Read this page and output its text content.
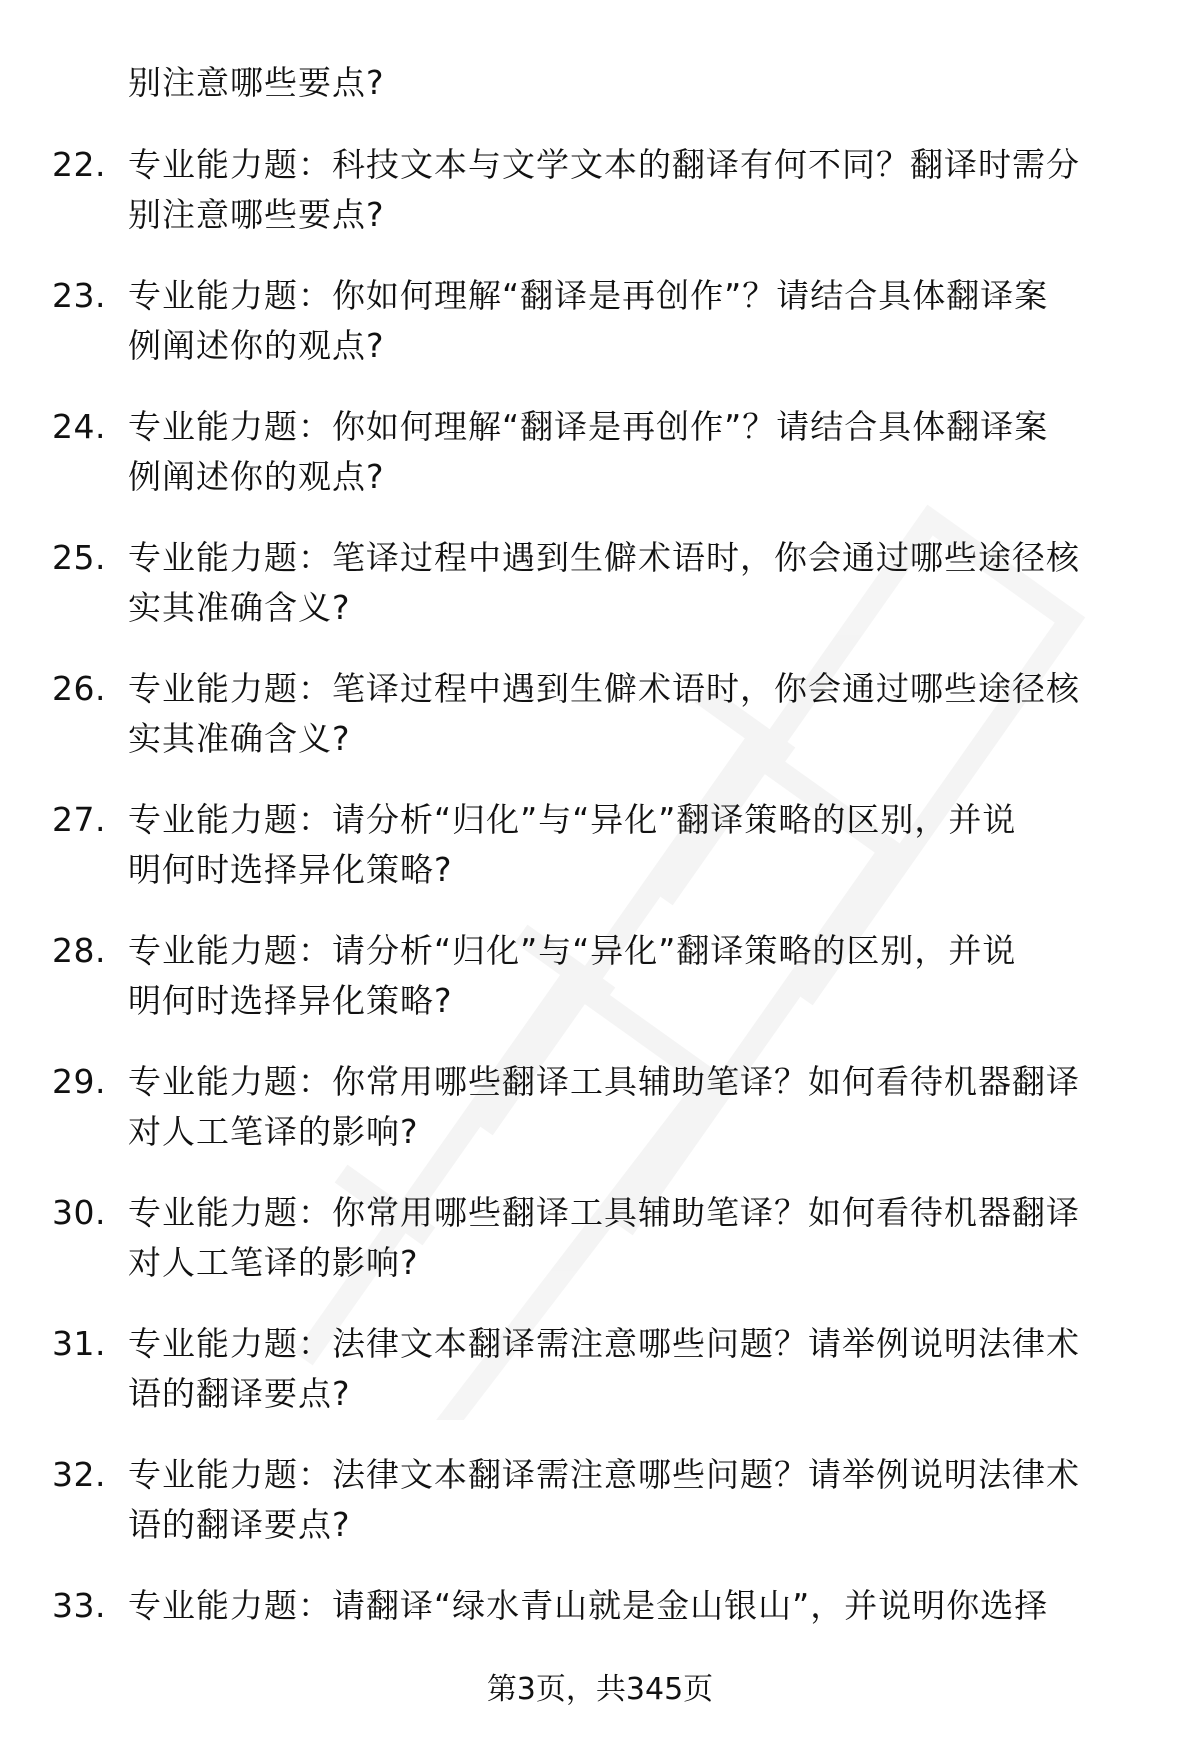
别注意哪些要点?
22. 专业能力题：科技文本与文学文本的翻译有何不同？翻译时需分
别注意哪些要点?
23. 专业能力题：你如何理解“翻译是再创作”？请结合具体翻译案
例阐述你的观点?
24. 专业能力题：你如何理解“翻译是再创作”？请结合具体翻译案
例阐述你的观点?
25. 专业能力题：笔译过程中遇到生僻术语时，你会通过哪些途径核
实其准确含义?
26. 专业能力题：笔译过程中遇到生僻术语时，你会通过哪些途径核
实其准确含义?
27. 专业能力题：请分析“归化”与“异化”翻译策略的区别，并说
明何时选择异化策略?
28. 专业能力题：请分析“归化”与“异化”翻译策略的区别，并说
明何时选择异化策略?
29. 专业能力题：你常用哪些翻译工具辅助笔译？如何看待机器翻译
对人工笔译的影响?
30. 专业能力题：你常用哪些翻译工具辅助笔译？如何看待机器翻译
对人工笔译的影响?
31. 专业能力题：法律文本翻译需注意哪些问题？请举例说明法律术
语的翻译要点?
32. 专业能力题：法律文本翻译需注意哪些问题？请举例说明法律术
语的翻译要点?
33. 专业能力题：请翻译“绿水青山就是金山银山”，并说明你选择
第3页，共345页
